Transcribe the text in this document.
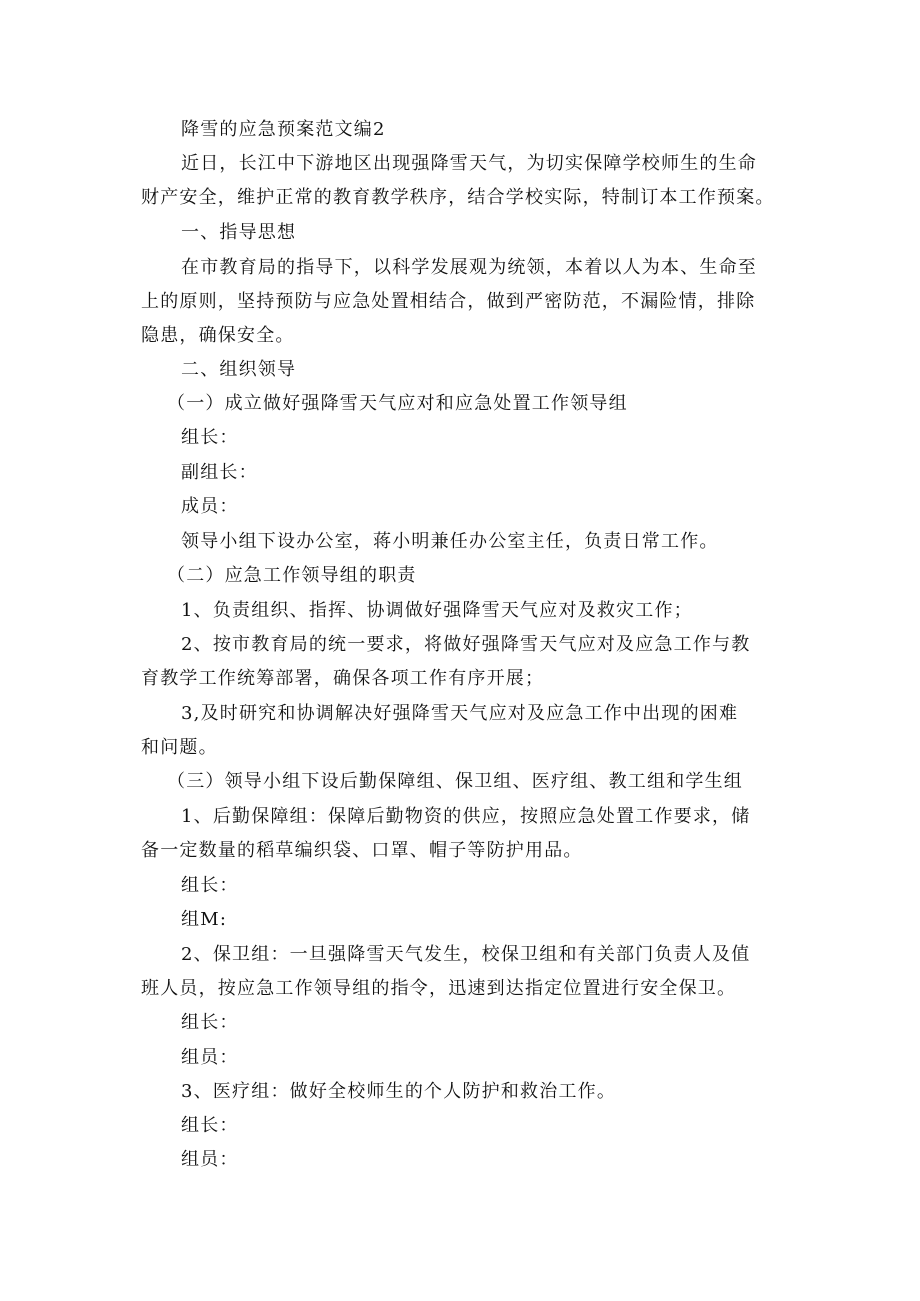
降雪的应急预案范文编2
近日，长江中下游地区出现强降雪天气，为切实保障学校师生的生命
财产安全，维护正常的教育教学秩序，结合学校实际，特制订本工作预案。
一、指导思想
在市教育局的指导下，以科学发展观为统领，本着以人为本、生命至
上的原则，坚持预防与应急处置相结合，做到严密防范，不漏险情，排除
隐患，确保安全。
二、组织领导
（一）成立做好强降雪天气应对和应急处置工作领导组
组长：
副组长：
成员：
领导小组下设办公室，蒋小明兼任办公室主任，负责日常工作。
（二）应急工作领导组的职责
1、负责组织、指挥、协调做好强降雪天气应对及救灾工作；
2、按市教育局的统一要求，将做好强降雪天气应对及应急工作与教
育教学工作统筹部署，确保各项工作有序开展；
3,及时研究和协调解决好强降雪天气应对及应急工作中出现的困难
和问题。
（三）领导小组下设后勤保障组、保卫组、医疗组、教工组和学生组
1、后勤保障组：保障后勤物资的供应，按照应急处置工作要求，储
备一定数量的稻草编织袋、口罩、帽子等防护用品。
组长：
组M:
2、保卫组：一旦强降雪天气发生，校保卫组和有关部门负责人及值
班人员，按应急工作领导组的指令，迅速到达指定位置进行安全保卫。
组长：
组员：
3、医疗组：做好全校师生的个人防护和救治工作。
组长：
组员：
